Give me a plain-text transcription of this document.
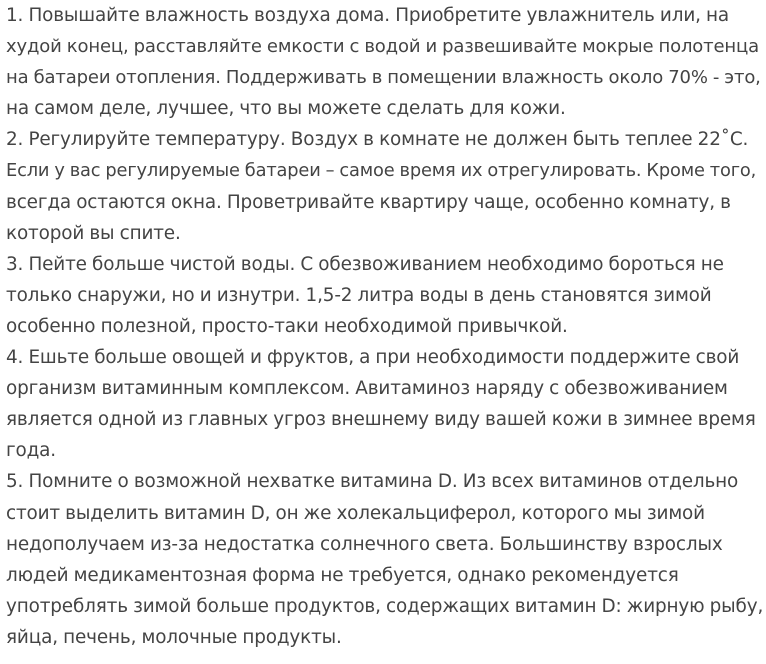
1. Повышайте влажность воздуха дома. Приобретите увлажнитель или, на
худой конец, расставляйте емкости с водой и развешивайте мокрые полотенца
на батареи отопления. Поддерживать в помещении влажность около 70% - это,
на самом деле, лучшее, что вы можете сделать для кожи.

2. Регулируйте температуру. Воздух в комнате не должен быть теплее 22˚С.
Если у вас регулируемые батареи – самое время их отрегулировать. Кроме того,
всегда остаются окна. Проветривайте квартиру чаще, особенно комнату, в
которой вы спите.

3. Пейте больше чистой воды. С обезвоживанием необходимо бороться не
только снаружи, но и изнутри. 1,5-2 литра воды в день становятся зимой
особенно полезной, просто-таки необходимой привычкой.

4. Ешьте больше овощей и фруктов, а при необходимости поддержите свой
организм витаминным комплексом. Авитаминоз наряду с обезвоживанием
является одной из главных угроз внешнему виду вашей кожи в зимнее время
года.

5. Помните о возможной нехватке витамина D. Из всех витаминов отдельно
стоит выделить витамин D, он же холекальциферол, которого мы зимой
недополучаем из-за недостатка солнечного света. Большинству взрослых
людей медикаментозная форма не требуется, однако рекомендуется
употреблять зимой больше продуктов, содержащих витамин D: жирную рыбу,
яйца, печень, молочные продукты.
